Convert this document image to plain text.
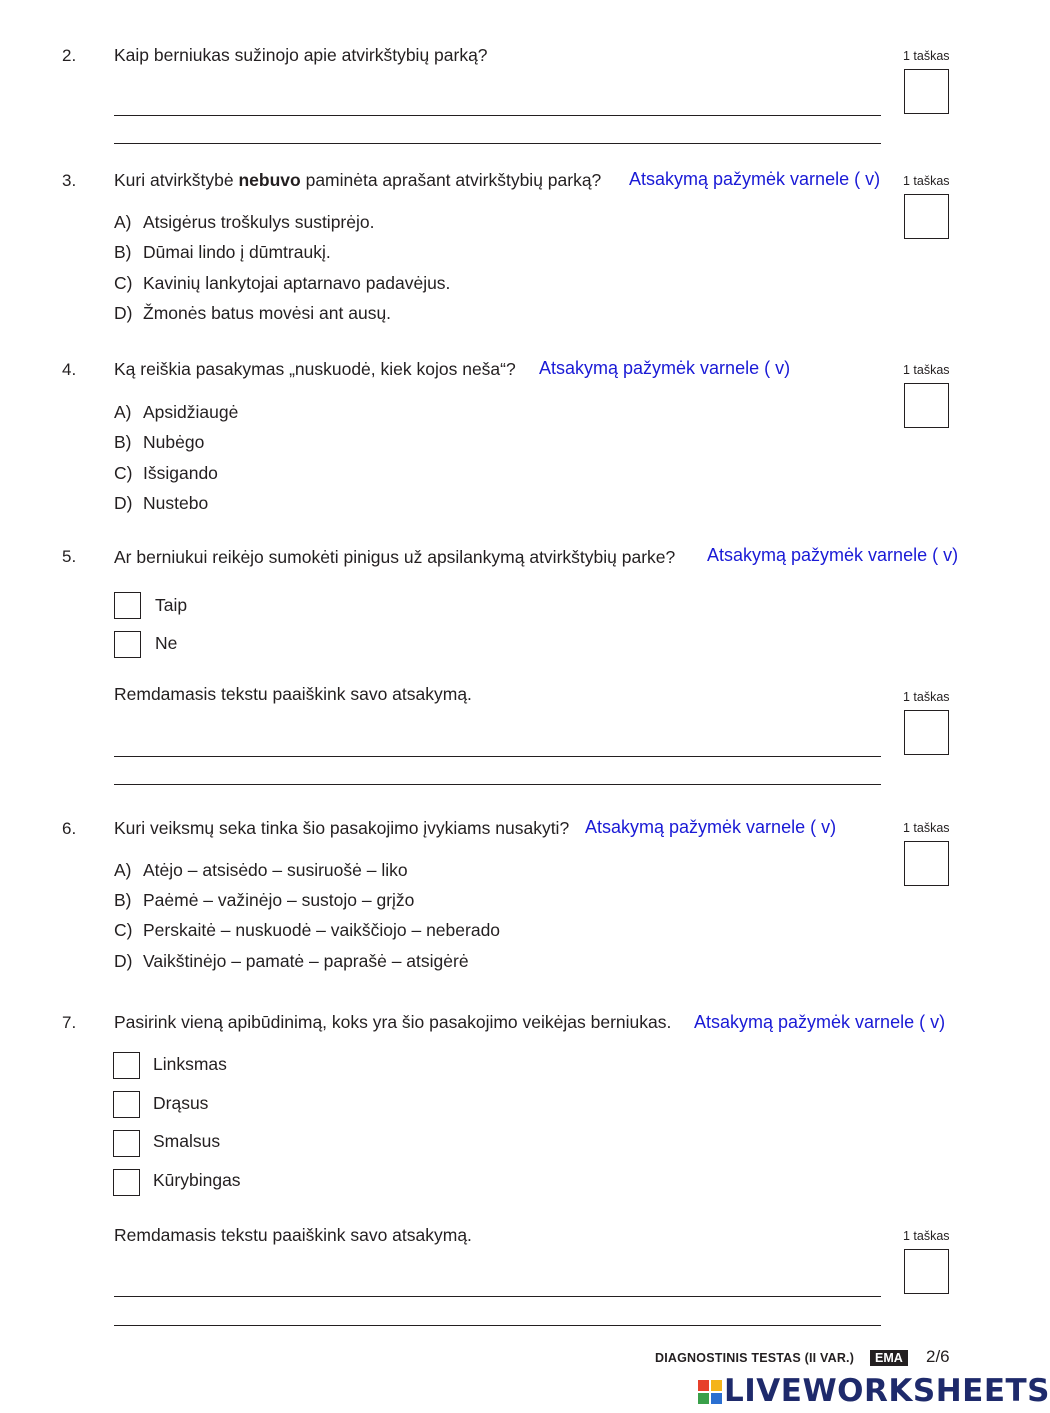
2. Kaip berniukas sužinojo apie atvirkštybių parką?	1 taškas
3. Kuri atvirkštybė nebuvo paminėta aprašant atvirkštybių parką? Atsakymą pažymėk varnele ( v) 1 taškas
A) Atsigėrus troškulys sustiprėjo.
B) Dūmai lindo į dūmtraukį.
C) Kavinių lankytojai aptarnavo padavėjus.
D) Žmonės batus movėsi ant ausų.
4. Ką reiškia pasakymas „nuskuodė, kiek kojos neša“? Atsakymą pažymėk varnele ( v)	1 taškas
A) Apsidžiaugė
B) Nubėgo
C) Išsigando
D) Nustebo
5. Ar berniukui reikėjo sumokėti pinigus už apsilankymą atvirkštybių parke? Atsakymą pažymėk varnele ( v)
Taip
Ne
Remdamasis tekstu paaiškink savo atsakymą.	1 taškas
6. Kuri veiksmų seka tinka šio pasakojimo įvykiams nusakyti? Atsakymą pažymėk varnele ( v)	1 taškas
A) Atėjo – atsisėdo – susiruošė – liko
B) Paėmė – važinėjo – sustojo – grįžo
C) Perskaitė – nuskuodė – vaikščiojo – neberado
D) Vaikštinėjo – pamatė – paprašė – atsigėrė
7. Pasirink vieną apibūdinimą, koks yra šio pasakojimo veikėjas berniukas. Atsakymą pažymėk varnele ( v)
Linksmas
Drąsus
Smalsus
Kūrybingas
Remdamasis tekstu paaiškink savo atsakymą.	1 taškas
DIAGNOSTINIS TESTAS (II VAR.)	EMA 2/6
LIVEWORKSHEETS
